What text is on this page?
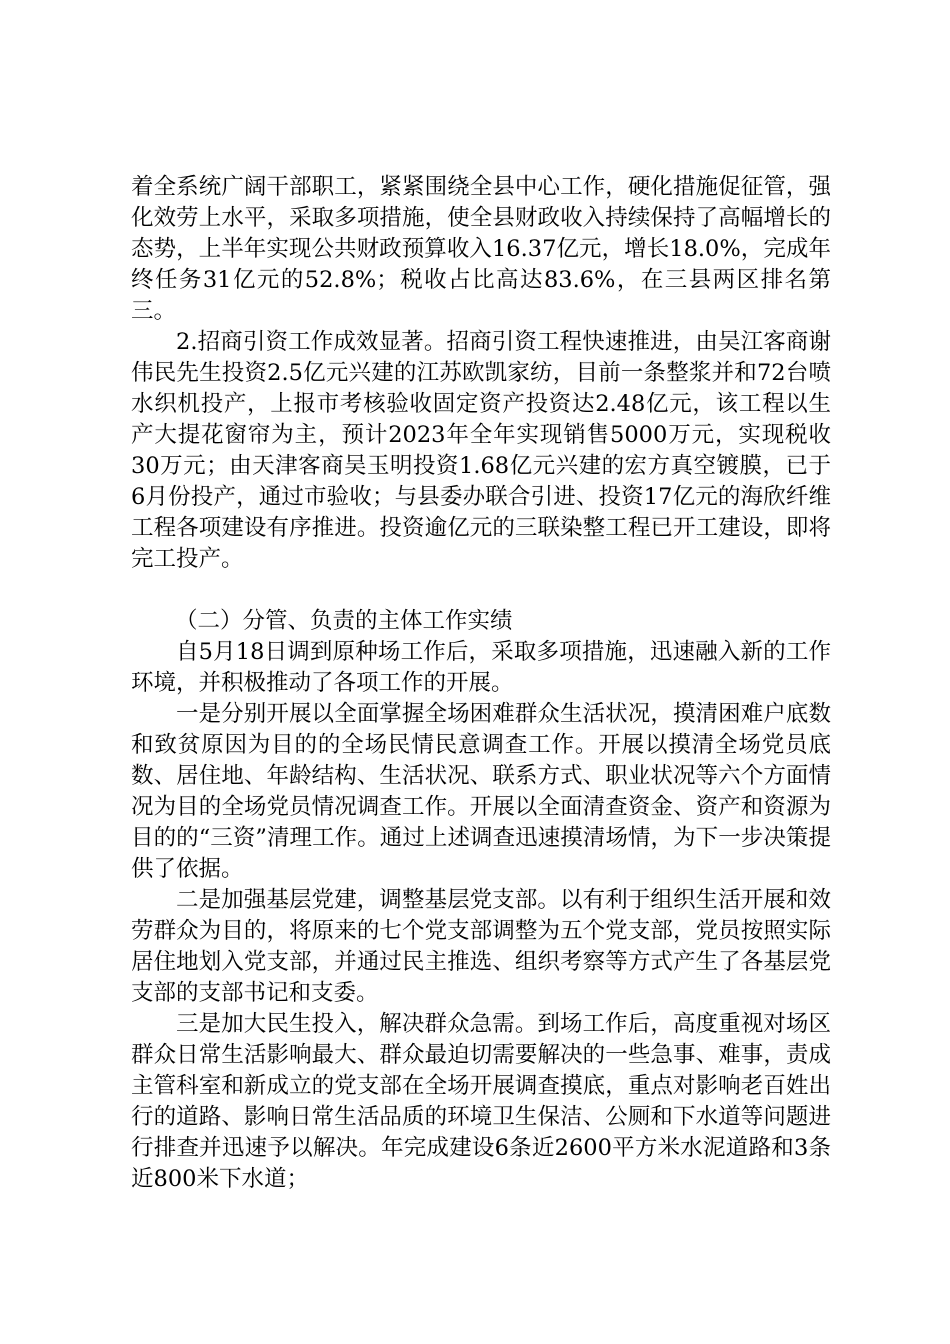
着全系统广阔干部职工，紧紧围绕全县中心工作，硬化措施促征管，强化效劳上水平，采取多项措施，使全县财政收入持续保持了高幅增长的态势，上半年实现公共财政预算收入16.37亿元，增长18.0%，完成年终任务31亿元的52.8%；税收占比高达83.6%，在三县两区排名第三。

2.招商引资工作成效显著。招商引资工程快速推进，由吴江客商谢伟民先生投资2.5亿元兴建的江苏欧凯家纺，目前一条整浆并和72台喷水织机投产，上报市考核验收固定资产投资达2.48亿元，该工程以生产大提花窗帘为主，预计2023年全年实现销售5000万元，实现税收30万元；由天津客商吴玉明投资1.68亿元兴建的宏方真空镀膜，已于6月份投产，通过市验收；与县委办联合引进、投资17亿元的海欣纤维工程各项建设有序推进。投资逾亿元的三联染整工程已开工建设，即将完工投产。

（二）分管、负责的主体工作实绩

自5月18日调到原种场工作后，采取多项措施，迅速融入新的工作环境，并积极推动了各项工作的开展。

一是分别开展以全面掌握全场困难群众生活状况，摸清困难户底数和致贫原因为目的的全场民情民意调查工作。开展以摸清全场党员底数、居住地、年龄结构、生活状况、联系方式、职业状况等六个方面情况为目的全场党员情况调查工作。开展以全面清查资金、资产和资源为目的的“三资”清理工作。通过上述调查迅速摸清场情，为下一步决策提供了依据。

二是加强基层党建，调整基层党支部。以有利于组织生活开展和效劳群众为目的，将原来的七个党支部调整为五个党支部，党员按照实际居住地划入党支部，并通过民主推选、组织考察等方式产生了各基层党支部的支部书记和支委。

三是加大民生投入，解决群众急需。到场工作后，高度重视对场区群众日常生活影响最大、群众最迫切需要解决的一些急事、难事，责成主管科室和新成立的党支部在全场开展调查摸底，重点对影响老百姓出行的道路、影响日常生活品质的环境卫生保洁、公厕和下水道等问题进行排查并迅速予以解决。年完成建设6条近2600平方米水泥道路和3条近800米下水道；
